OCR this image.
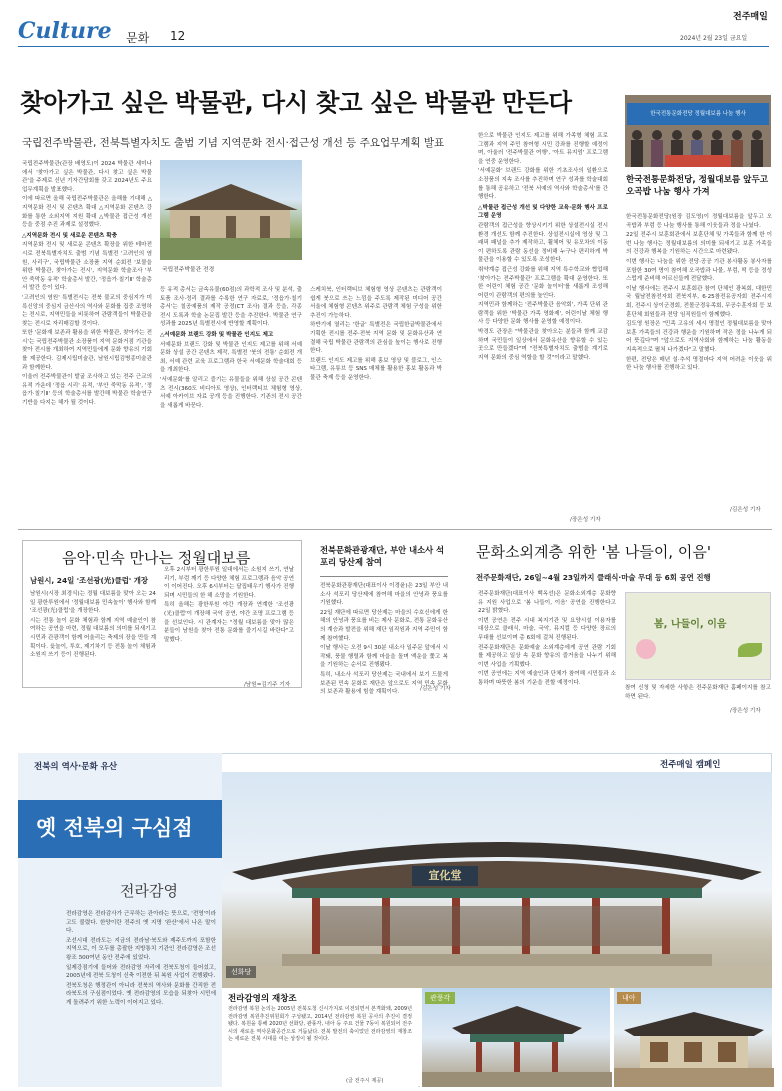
Culture 문화 12
전주매일
2024년 2월 23일 금요일
찾아가고 싶은 박물관, 다시 찾고 싶은 박물관 만든다
국립전주박물관, 전북특별자치도 출범 기념 지역문화 전시·접근성 개선 등 주요업무계획 발표

국립전주박물관(관장 배영도)이 2024 박물관 세미나에서 '찾아가고 싶은 박물관, 다시 찾고 싶은 박물관'을 주제로 신년 기자간담회를 갖고 2024년도 주요업무계획을 발표했다.

이에 따르면 올해 국립전주박물관은 올해를 기대해 △지역문화 전시 및 콘텐츠 확대 △지역문화 콘텐츠 강화를 통한 소외지역 지원 확대 △박물관 접근성 개선 등을 중점 추진 과제로 설정했다.

△지역문화 전시 및 새로운 콘텐츠 확충

지역문화 전시 및 새로운 콘텐츠 확장을 위한 테마전시로 전북특별자치도 출범 기념 특별전 '고려인의 염원, 사리구', 국립박물관 소장품 지역 순회전 '보물을 위한 박물관, 찾아가는 전시', 지역문화 학술조사 '부안 죽막동 유적' 학술총서 발간, '정읍가·칠기Ⅱ' 학술총서 발간 등이 있다.

'고려인의 염원' 특별전시는 전북 불교의 중심지가 미륵신앙의 중심지 금산사의 역사와 문화를 집중 조명하는 전시로, 지역민들을 비롯하여 관람객들이 박물관을 찾는 전시로 자리매김할 것이다.

또한 '문화재 보존과 활용을 위한 박물관, 찾아가는 전시'는 국립전주박물관 소장품이 지역 문화거점 기관을 찾아 전시를 개최하여 지역민들에게 문화 향유의 기회를 제공한다. 김제시립미술관, 남원시립김병종미술관과 함께한다.

이울러 전주박물관이 발굴 조사하고 있는 전주 근교의 유적 가운데 '정읍 시리' 유적, '부안 죽막동 유적', '정읍가·칠기Ⅱ' 등의 학술총서를 발간해 박물관 학술연구 기반을 다지는 해가 될 것이다.

국립전주박물관 전경

등 유적 총서는 금속유물(60점)의 과학적 조사 및 분석, 출토품 조사·정리 결과를 수록한 연구 자료로, '정읍가·칠기 총서'는 칠공예품의 제작 공정(CT 조사) 결과 등을, 각종 전시 도록과 학술 논문집 발간 등을 추진한다. 박물관 연구 성과를 2025년 특별전시에 반영할 계획이다.

△서예문화 브랜드 강화 및 박물관 인지도 제고

서예문화 브랜드 강화 및 박물관 인지도 제고를 위해 서예문화 상설 공간 콘텐츠 제작, 특별전 '붓의 전통' 순회전 개최, 서예 관련 교육 프로그램과 한국 서예문화 학술대회 등을 개최한다.

'서예문화'를 알리고 즐기는 유물들을 위해 상설 공간 콘텐츠 전시(360도 비디아트 영상), 인터랙티브 체험형 영상, 서예 아카이브 자료 공개 등을 진행한다. 기존의 전시 공간을 새롭게 바꾼다.

스케치북, 인터랙티브 체험형 영상 콘텐츠는 관람객이 쉽게 붓으로 쓰는 느낌을 주도록 제작된 미디어 공간 서울에 체험형 콘텐츠 위주로 관람객 체험 구성을 위한 추진이 가능하다.

하반기에 열리는 '한글' 특별전은 국립한글박물관에서 기획한 전시를 전주·전북 지역 문화 및 문화유산과 연결해 국립 박물관 관람객의 관심을 높이는 행사로 진행한다.

브랜드 인지도 제고를 위해 홍보 영상 및 블로그, 인스타그램, 유튜브 등 SNS 매체를 활용한 홍보 활동과 박물관 축제 등을 운영한다.

한으로 박물관 인지도 제고를 위해 가족형 체험 프로그램과 지역 주민 참여형 시민 강좌를 진행할 예정이며, 아울러 '전주박물관 여행', '아트 뮤지엄' 프로그램을 연중 운영한다.

'서예문화' 브랜드 강화를 위한 기초조사의 일환으로 소장품의 지속 조사를 추진하며 연구 성과를 학술대회를 통해 공유하고 '전북 서예의 역사와 학술총서'를 간행한다.

△박물관 접근성 개선 및 다양한 교육·문화 행사 프로그램 운영

관람객의 접근성을 향상시키기 위한 상설전시실 전시환경 개선도 함께 추진한다. 상설전시실에 영상 및 그래픽 패널을 추가 제작하고, 휠체어 및 유모차의 이동이 편하도록 관람 동선을 정비해 누구나 편리하게 박물관을 이용할 수 있도록 조성한다.

취약계층 접근성 강화를 위해 지역 특수학교와 협업해 '찾아가는 전주박물관' 프로그램을 확대 운영한다. 또한 어린이 체험 공간 '문화 놀이터'를 새롭게 조성해 어린이 관람객의 편의를 높인다.

지역민과 함께하는 '전주박물관 음악회', 가족 단위 관람객을 위한 '박물관 가족 영화제', 어린이날 체험 행사 등 다양한 문화 행사를 운영할 예정이다.

박경도 관장은 "박물관을 찾아오는 분들과 함께 교감하며 국민들이 일상에서 문화유산을 향유할 수 있는 곳으로 만들겠다"며 "전북특별자치도 출범을 계기로 지역 문화의 중심 역할을 할 것"이라고 말했다.

/장은성 기자
한국전통문화전당 정월대보름 나눔 행사
한국전통문화전당, 정월대보름 앞두고 오곡밥 나눔 행사 가져

한국전통문화전당(원장 김도영)이 정월대보름을 앞두고 오곡밥과 부럼 등 나눔 행사를 통해 이웃들과 정을 나눴다.

22일 전주시 보훈회관에서 보훈단체 및 가족들과 함께 한 이번 나눔 행사는 정월대보름의 의미를 되새기고 보훈 가족들의 건강과 행복을 기원하는 시간으로 마련됐다.

이번 행사는 나눔을 위한 전당·공공 기관 봉사활동 봉사자를 포함한 30여 명이 참여해 오곡밥과 나물, 부럼, 떡 등을 정성스럽게 준비해 어르신들께 전달했다.

이날 행사에는 전주시 보훈회관 참여 단체인 광복회, 대한민국 월남전참전자회 전북지부, 6·25참전유공자회 전주시지회, 전주시 상이군경회, 전몰군경유족회, 무공수훈자회 등 보훈단체 회원들과 전당 임직원들이 함께했다.

김도영 원장은 "민족 고유의 세시 명절인 정월대보름을 맞아 보훈 가족들의 건강과 행운을 기원하며 작은 정을 나누게 되어 뜻깊다"며 "앞으로도 지역사회와 함께하는 나눔 활동을 지속적으로 펼쳐 나가겠다"고 말했다.

한편, 전당은 매년 설·추석 명절마다 지역 어려운 이웃을 위한 나눔 행사를 진행하고 있다.

/김은성 기자
음악·민속 만나는 정월대보름
남원시, 24일 '조선광(光)클럽' 개장

남원시(시장 최경식)는 정월 대보름을 맞아 오는 24일 광한루원에서 '정월대보름 민속놀이' 행사와 함께 '조선광(光)클럽'을 개장한다.

시는 전통 놀이 문화 체험과 함께 지역 예술인이 참여하는 공연을 마련, 정월 대보름의 의미를 되새기고 시민과 관광객이 함께 어울리는 축제의 장을 만들 계획이다. 윷놀이, 투호, 제기차기 등 전통 놀이 체험과 소원지 쓰기 등이 진행된다.

오후 2시부터 광한루원 일대에서는 소원지 쓰기, 연날리기, 부럼 깨기 등 다양한 체험 프로그램과 음악 공연이 이어진다. 오후 6시부터는 달집태우기 행사가 진행되며 시민들의 한 해 소망을 기원한다.

특히 올해는 광한루원 야간 개장과 연계한 '조선광(光)클럽'이 개장해 국악 공연, 야간 조명 프로그램 등을 선보인다. 시 관계자는 "정월 대보름을 맞아 많은 분들이 남원을 찾아 전통 문화를 즐기시길 바란다"고 말했다.

/남원=김기주 기자
전북문화관광재단, 부안 내소사 석포리 당산제 참여

전북문화관광재단(대표이사 이경윤)은 23일 부안 내소사 석포리 당산제에 참여해 마을의 안녕과 풍요를 기원했다.

22일 재단에 따르면 당산제는 마을의 수호신에게 한 해의 안녕과 풍요를 비는 제사 문화로, 전통 문화유산의 계승과 발전을 위해 재단 임직원과 지역 주민이 함께 참여했다.

이날 행사는 오전 9시 30분 내소사 일주문 앞에서 시작돼, 풍물 행렬과 함께 마을을 돌며 액운을 쫓고 복을 기원하는 순서로 진행됐다.

특히, 내소사 석포리 당산제는 국내에서 보기 드물게 보존된 민속 문화로 재단은 앞으로도 지역 민속 문화의 보존과 활용에 힘쓸 계획이다.

/김은성 기자
문화소외계층 위한 '봄 나들이, 이음'
전주문화재단, 26일~4월 23일까지 클래식·마술 무대 등 6회 공연 진행

전주문화재단(대표이사 백옥선)은 문화소외계층 문화향유 지원 사업으로 '봄 나들이, 이음' 공연을 진행한다고 22일 밝혔다.

이번 공연은 전주 시내 복지기관 및 요양시설 이용자를 대상으로 클래식, 마술, 국악, 뮤지컬 등 다양한 장르의 무대를 선보이며 총 6회에 걸쳐 진행된다.

전주문화재단은 문화예술 소외계층에게 공연 관람 기회를 제공하고 일상 속 문화 향유의 즐거움을 나누기 위해 이번 사업을 기획했다.

이번 공연에는 지역 예술인과 단체가 참여해 시민들과 소통하며 따뜻한 봄의 기운을 전할 예정이다.

봄, 나들이, 이음

참여 신청 및 자세한 사항은 전주문화재단 홈페이지를 참고하면 된다.

/장은성 기자
전북의 역사·문화 유산
옛 전북의 구심점
전라감영

전라감영은 전라감사가 근무하는 관아라는 뜻으로, '전영'이라고도 불렸다. 한양이란 전주의 옛 지명 '완산'에서 나온 말이다.

조선시대 전라도는 지금의 전라남·북도와 제주도까지 포함한 지역으로, 이 모두를 총괄한 지방통치 기관인 전라감영은 조선왕조 500여년 동안 전주에 있었다.

일제강점기에 들어와 전라감영 자리에 전북도청이 들어섰고, 2005년에 전북 도청이 신축 이전한 뒤 복원 사업이 진행됐다.

전북도청은 행정관이 아니라 전북의 역사와 문화를 간직한 전라북도의 구심점이었다. 옛 전라감영의 모습을 되찾아 시민에게 돌려주기 위한 노력이 이어지고 있다.

전주매일 캠페인
宣化堂
선화당
전라감영의 재창조

전라감영 복원 논의는 2005년 전북도청 신시가지로 이전되면서 본격화돼, 2009년 전라감영 복원추진위원회가 구성됐고, 2014년 전라감영 복원 공사의 추진이 결정됐다. 복원을 통해 2020년 선화당, 관풍각, 내아 등 주요 건물 7동이 복원되어 전주시의 새로운 역사문화공간으로 거듭났다. 전북 발전의 축이었던 전라감영의 재창조는 새로운 전북 시대를 여는 상징이 될 것이다.

(글 전주시 제공)
관풍각	내아
